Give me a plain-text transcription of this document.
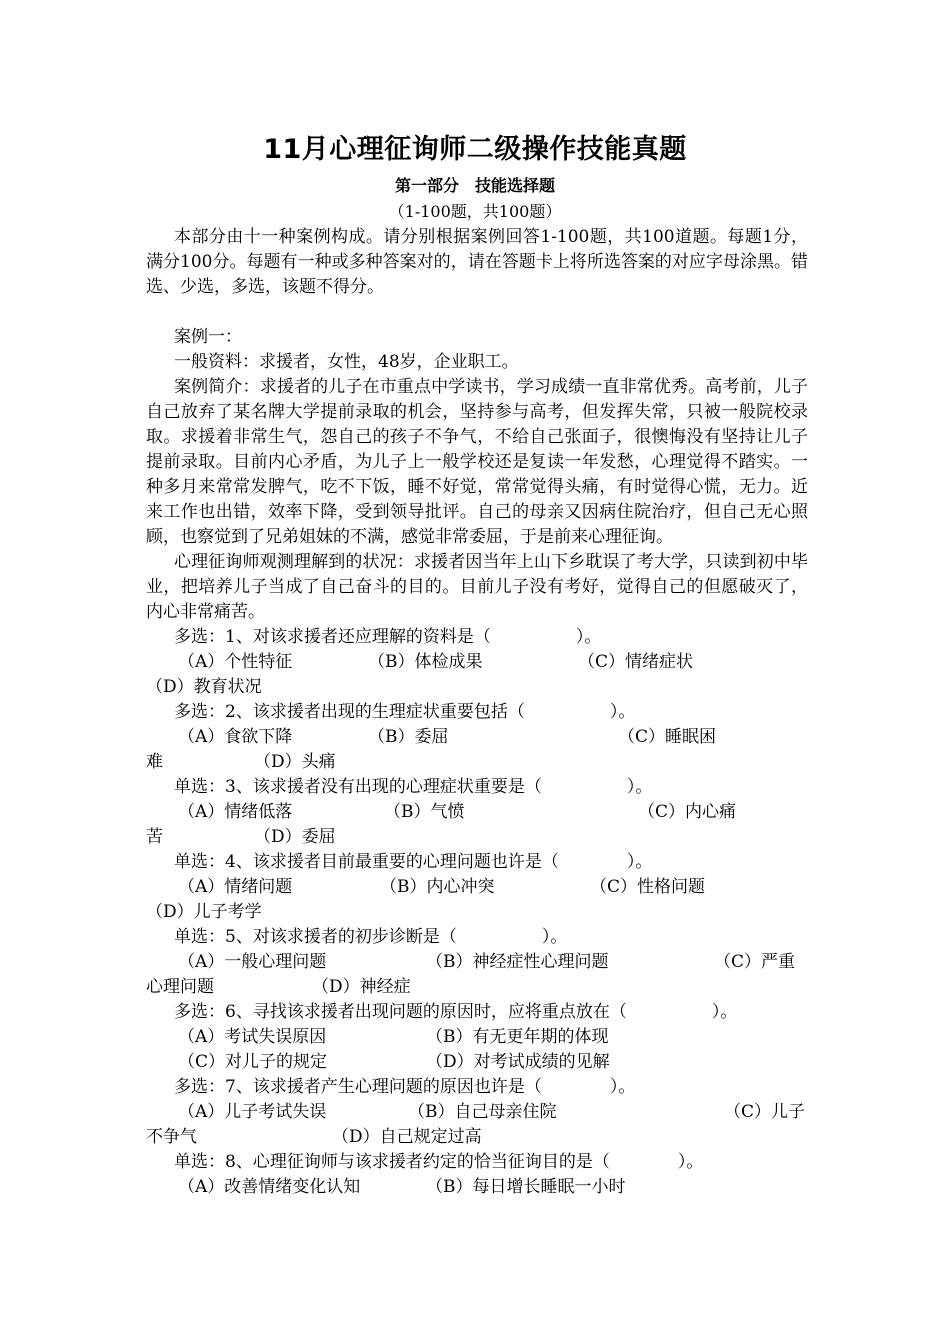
11月心理征询师二级操作技能真题
第一部分　技能选择题
（1-100题，共100题）

本部分由十一种案例构成。请分别根据案例回答1-100题，共100道题。每题1分，满分100分。每题有一种或多种答案对的，请在答题卡上将所选答案的对应字母涂黑。错选、少选，多选，该题不得分。

案例一：

一般资料：求援者，女性，48岁，企业职工。

案例简介：求援者的儿子在市重点中学读书，学习成绩一直非常优秀。高考前，儿子自己放弃了某名牌大学提前录取的机会，坚持参与高考，但发挥失常，只被一般院校录取。求援着非常生气，怨自己的孩子不争气，不给自己张面子，很懊悔没有坚持让儿子提前录取。目前内心矛盾，为儿子上一般学校还是复读一年发愁，心理觉得不踏实。一种多月来常常发脾气，吃不下饭，睡不好觉，常常觉得头痛，有时觉得心慌，无力。近来工作也出错，效率下降，受到领导批评。自己的母亲又因病住院治疗，但自己无心照顾，也察觉到了兄弟姐妹的不满，感觉非常委屈，于是前来心理征询。

心理征询师观测理解到的状况：求援者因当年上山下乡耽误了考大学，只读到初中毕业，把培养儿子当成了自己奋斗的目的。目前儿子没有考好，觉得自己的但愿破灭了，内心非常痛苦。

多选：1、对该求援者还应理解的资料是（　　　　　）。
（A）个性特征	（B）体检成果	（C）情绪症状
（D）教育状况
多选：2、该求援者出现的生理症状重要包括（　　　　　）。
（A）食欲下降	（B）委屈	（C）睡眠困
难	（D）头痛
单选：3、该求援者没有出现的心理症状重要是（　　　　　）。
（A）情绪低落	（B）气愤	（C）内心痛
苦	（D）委屈
单选：4、该求援者目前最重要的心理问题也许是（　　　　）。
（A）情绪问题	（B）内心冲突	（C）性格问题
（D）儿子考学
单选：5、对该求援者的初步诊断是（　　　　　）。
（A）一般心理问题	（B）神经症性心理问题	（C）严重
心理问题	（D）神经症
多选：6、寻找该求援者出现问题的原因时，应将重点放在（　　　　　）。
（A）考试失误原因	（B）有无更年期的体现
（C）对儿子的规定	（D）对考试成绩的见解
多选：7、该求援者产生心理问题的原因也许是（　　　　）。
（A）儿子考试失误	（B）自己母亲住院	（C）儿子
不争气	（D）自己规定过高
单选：8、心理征询师与该求援者约定的恰当征询目的是（　　　　）。
（A）改善情绪变化认知	（B）每日增长睡眠一小时
